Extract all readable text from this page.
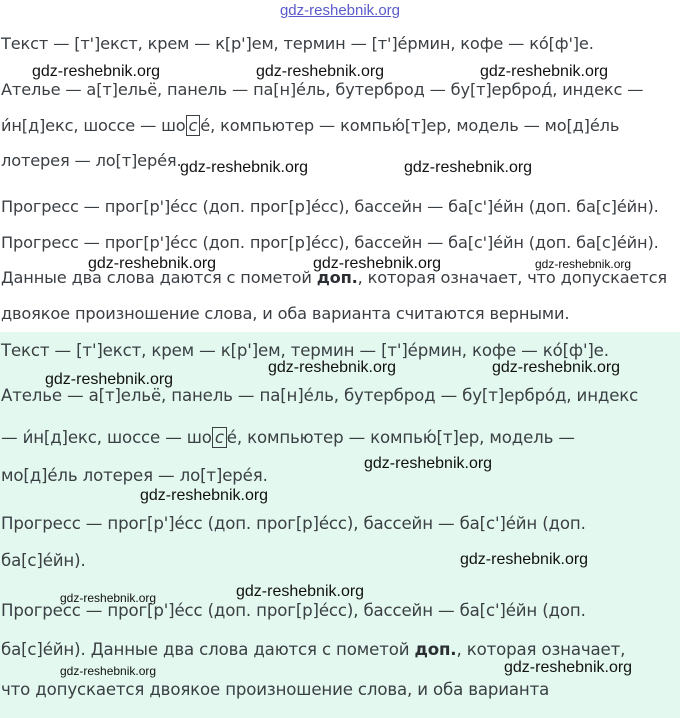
gdz-reshebnik.org
Текст — [т']екст, крем — к[р']ем, термин — [т']е́рмин, кофе — ко́[ф']е.
Ателье — а[т]ельё, панель — па[н]е́ль, бутерброд — бу[т]ерброд́, индекс —
и́н[д]екс, шоссе — шо с е́, компьютер — компью́[т]ер, модель — мо[д]е́ль
лотерея — ло[т]ере́я.
Прогресс — прог[р']е́сс (доп. прог[р]е́сс), бассейн — ба[с']е́йн (доп. ба[с]е́йн).
Прогресс — прог[р']е́сс (доп. прог[р]е́сс), бассейн — ба[с']е́йн (доп. ба[с]е́йн).
Данные два слова даются с пометой доп., которая означает, что допускается
двоякое произношение слова, и оба варианта считаются верными.
Текст — [т']екст, крем — к[р']ем, термин — [т']е́рмин, кофе — ко́[ф']е.
Ателье — а[т]ельё, панель — па[н]е́ль, бутерброд — бу[т]ербро́д, индекс
— и́н[д]екс, шоссе — шо с е́, компьютер — компью́[т]ер, модель —
мо[д]е́ль лотерея — ло[т]ере́я.
Прогресс — прог[р']е́сс (доп. прог[р]е́сс), бассейн — ба[с']е́йн (доп.
ба[с]е́йн).
Прогресс — прог[р']е́сс (доп. прог[р]е́сс), бассейн — ба[с']е́йн (доп.
ба[с]е́йн). Данные два слова даются с пометой доп., которая означает,
что допускается двоякое произношение слова, и оба варианта
gdz-reshebnik.org	gdz-reshebnik.org	gdz-reshebnik.org
gdz-reshebnik.org	gdz-reshebnik.org
gdz-reshebnik.org	gdz-reshebnik.org	gdz-reshebnik.org
gdz-reshebnik.org
gdz-reshebnik.org	gdz-reshebnik.org
gdz-reshebnik.org
gdz-reshebnik.org
gdz-reshebnik.org
gdz-reshebnik.org
gdz-reshebnik.org
gdz-reshebnik.org
gdz-reshebnik.org
